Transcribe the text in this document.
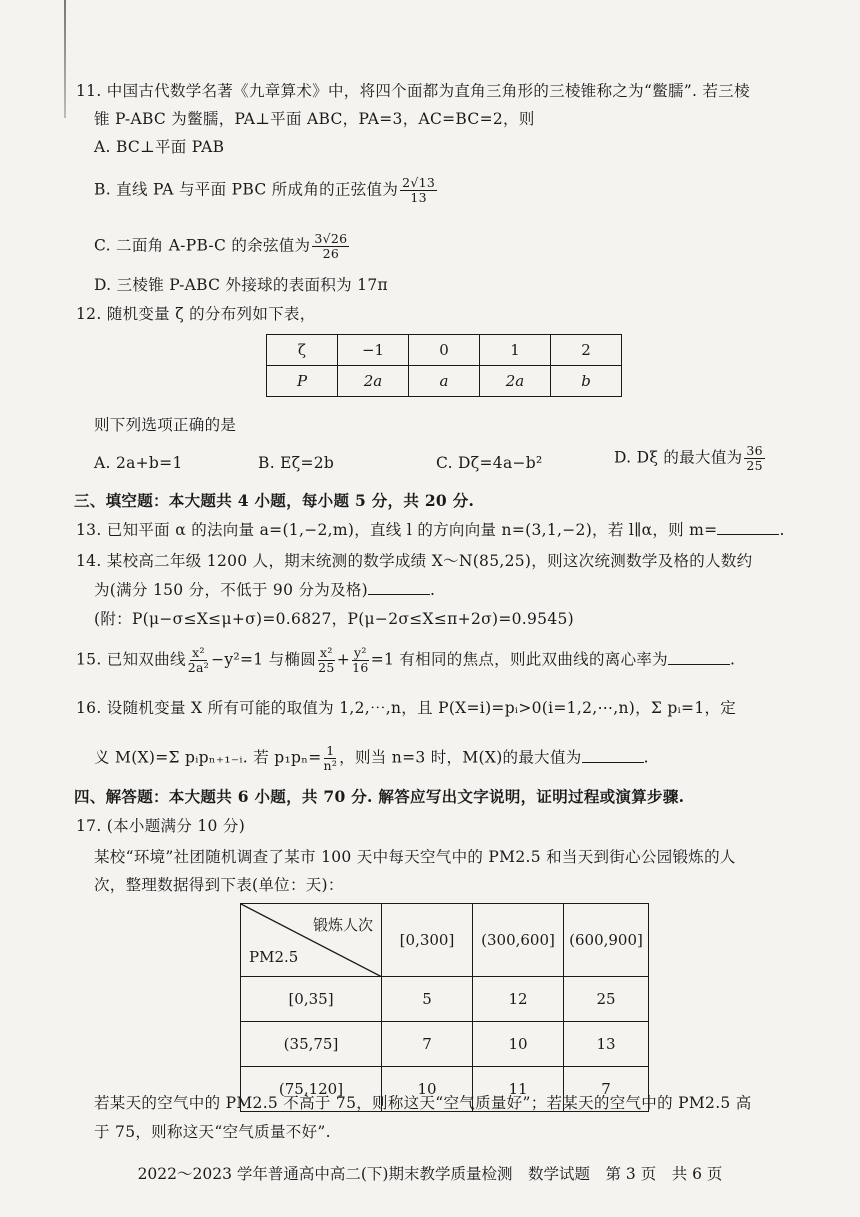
11. 中国古代数学名著《九章算术》中，将四个面都为直角三角形的三棱锥称之为“鳖臑”. 若三棱
锥 P-ABC 为鳖臑，PA⊥平面 ABC，PA=3，AC=BC=2，则
A. BC⊥平面 PAB
B. 直线 PA 与平面 PBC 所成角的正弦值为 $\frac{2√13}{13}$
C. 二面角 A-PB-C 的余弦值为 $\frac{3√26}{26}$
D. 三棱锥 P-ABC 外接球的表面积为 17π
12. 随机变量 ζ 的分布列如下表，
ζ	−1	0	1	2
P	2a	a	2a	b
则下列选项正确的是
A. 2a+b=1	B. Eζ=2b	C. Dζ=4a−b²	D. Dξ 的最大值为 $\frac{36}{25}$
三、填空题：本大题共 4 小题，每小题 5 分，共 20 分.
13. 已知平面 α 的法向量 a=(1,−2,m)，直线 l 的方向向量 n=(3,1,−2)，若 l∥α，则 m=	.
14. 某校高二年级 1200 人，期末统测的数学成绩 X～N(85,25)，则这次统测数学及格的人数约
为(满分 150 分，不低于 90 分为及格)	.
(附：P(μ−σ≤X≤μ+σ)=0.6827，P(μ−2σ≤X≤π+2σ)=0.9545)
15. 已知双曲线 $\frac{\text{x²}}{\text{2a²}} -y^2=1$ 与椭圆 $\frac{\text{x²}}{25} + \frac{\text{y²}}{16} =1$ 有相同的焦点，则此双曲线的离心率为	.
16. 设随机变量 X 所有可能的取值为 1,2,⋯,n，且 P(X=i)=pᵢ>0(i=1,2,⋯,n)，Σ pᵢ=1，定
义 M(X)=Σ pᵢpₙ₊₁₋ᵢ. 若 $p_1p_n= \frac{1}{\text{n²}}$ ，则当 n=3 时，M(X)的最大值为	.
四、解答题：本大题共 6 小题，共 70 分. 解答应写出文字说明，证明过程或演算步骤.
17. (本小题满分 10 分)
某校“环境”社团随机调查了某市 100 天中每天空气中的 PM2.5 和当天到街心公园锻炼的人
次，整理数据得到下表(单位：天)：
锻炼人次
PM2.5	[0,300]	(300,600]	(600,900]
[0,35]	5	12	25
(35,75]	7	10	13
(75,120]	10	11	7
若某天的空气中的 PM2.5 不高于 75，则称这天“空气质量好”；若某天的空气中的 PM2.5 高
于 75，则称这天“空气质量不好”.
2022～2023 学年普通高中高二(下)期末教学质量检测　数学试题　第 3 页　共 6 页
